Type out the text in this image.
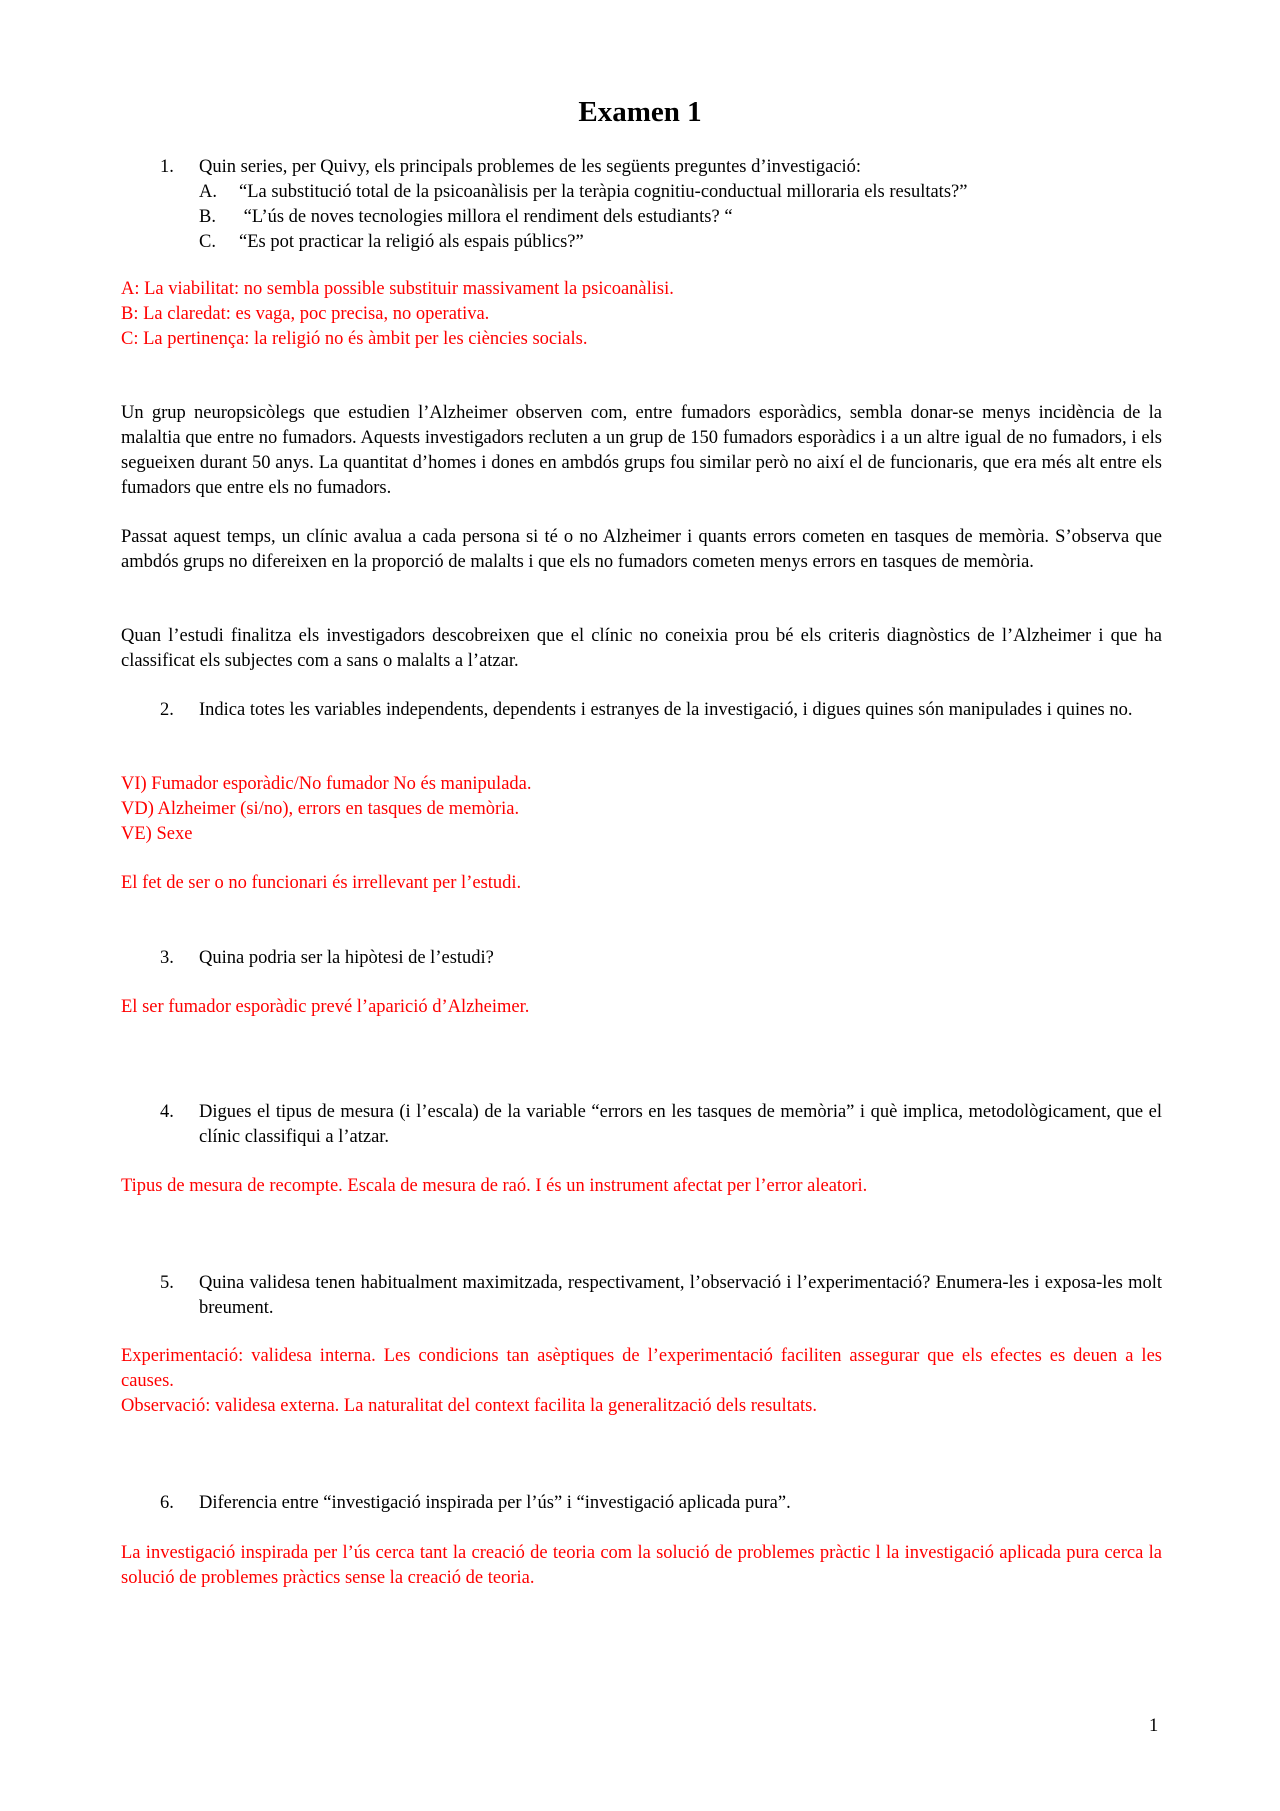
Examen 1
1. Quin series, per Quivy, els principals problemes de les següents preguntes d’investigació:
A. “La substitució total de la psicoanàlisis per la teràpia cognitiu-conductual milloraria els resultats?”
B. “L’ús de noves tecnologies millora el rendiment dels estudiants? “
C. “Es pot practicar la religió als espais públics?”
A: La viabilitat: no sembla possible substituir massivament la psicoanàlisi.
B: La claredat: es vaga, poc precisa, no operativa.
C: La pertinença: la religió no és àmbit per les ciències socials.
Un grup neuropsicòlegs que estudien l’Alzheimer observen com, entre fumadors esporàdics, sembla donar-se menys incidència de la malaltia que entre no fumadors. Aquests investigadors recluten a un grup de 150 fumadors esporàdics i a un altre igual de no fumadors, i els segueixen durant 50 anys. La quantitat d’homes i dones en ambdós grups fou similar però no així el de funcionaris, que era més alt entre els fumadors que entre els no fumadors.
Passat aquest temps, un clínic avalua a cada persona si té o no Alzheimer i quants errors cometen en tasques de memòria. S’observa que ambdós grups no difereixen en la proporció de malalts i que els no fumadors cometen menys errors en tasques de memòria.
Quan l’estudi finalitza els investigadors descobreixen que el clínic no coneixia prou bé els criteris diagnòstics de l’Alzheimer i que ha classificat els subjectes com a sans o malalts a l’atzar.
2. Indica totes les variables independents, dependents i estranyes de la investigació, i digues quines són manipulades i quines no.
VI) Fumador esporàdic/No fumador No és manipulada.
VD) Alzheimer (si/no), errors en tasques de memòria.
VE) Sexe
El fet de ser o no funcionari és irrellevant per l’estudi.
3. Quina podria ser la hipòtesi de l’estudi?
El ser fumador esporàdic prevé l’aparició d’Alzheimer.
4. Digues el tipus de mesura (i l’escala) de la variable “errors en les tasques de memòria” i què implica, metodològicament, que el clínic classifiqui a l’atzar.
Tipus de mesura de recompte. Escala de mesura de raó. I és un instrument afectat per l’error aleatori.
5. Quina validesa tenen habitualment maximitzada, respectivament, l’observació i l’experimentació? Enumera-les i exposa-les molt breument.
Experimentació: validesa interna. Les condicions tan asèptiques de l’experimentació faciliten assegurar que els efectes es deuen a les causes.
Observació: validesa externa. La naturalitat del context facilita la generalització dels resultats.
6. Diferencia entre “investigació inspirada per l’ús” i “investigació aplicada pura”.
La investigació inspirada per l’ús cerca tant la creació de teoria com la solució de problemes pràctic l la investigació aplicada pura cerca la solució de problemes pràctics sense la creació de teoria.
1
